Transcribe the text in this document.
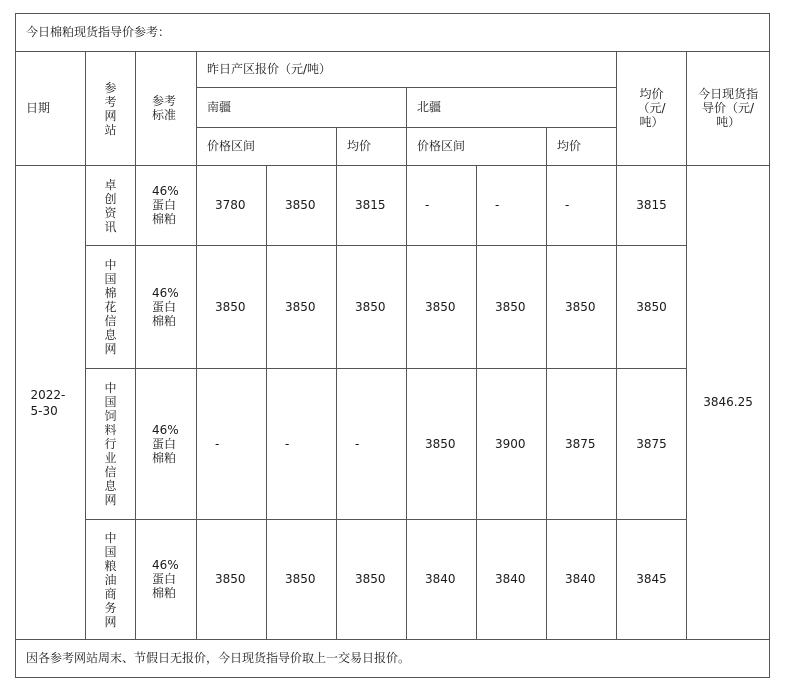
今日棉粕现货指导价参考：										
日期	参考网站	参考标准	昨日产区报价（元/吨）						均价（元/吨）	今日现货指导价（元/吨）
			南疆			北疆				
			价格区间		均价	价格区间		均价		
2022-5-30	卓创资讯	46%蛋白棉粕	3780	3850	3815	-	-	-	3815	3846.25

	中国棉花信息网	46%蛋白棉粕	3850	3850	3850	3850	3850	3850	3850	

	中国饲料行业信息网	46%蛋白棉粕	-	-	-	3850	3900	3875	3875	

	中国粮油商务网	46%蛋白棉粕	3850	3850	3850	3840	3840	3840	3845	
因各参考网站周末、节假日无报价，今日现货指导价取上一交易日报价。										
